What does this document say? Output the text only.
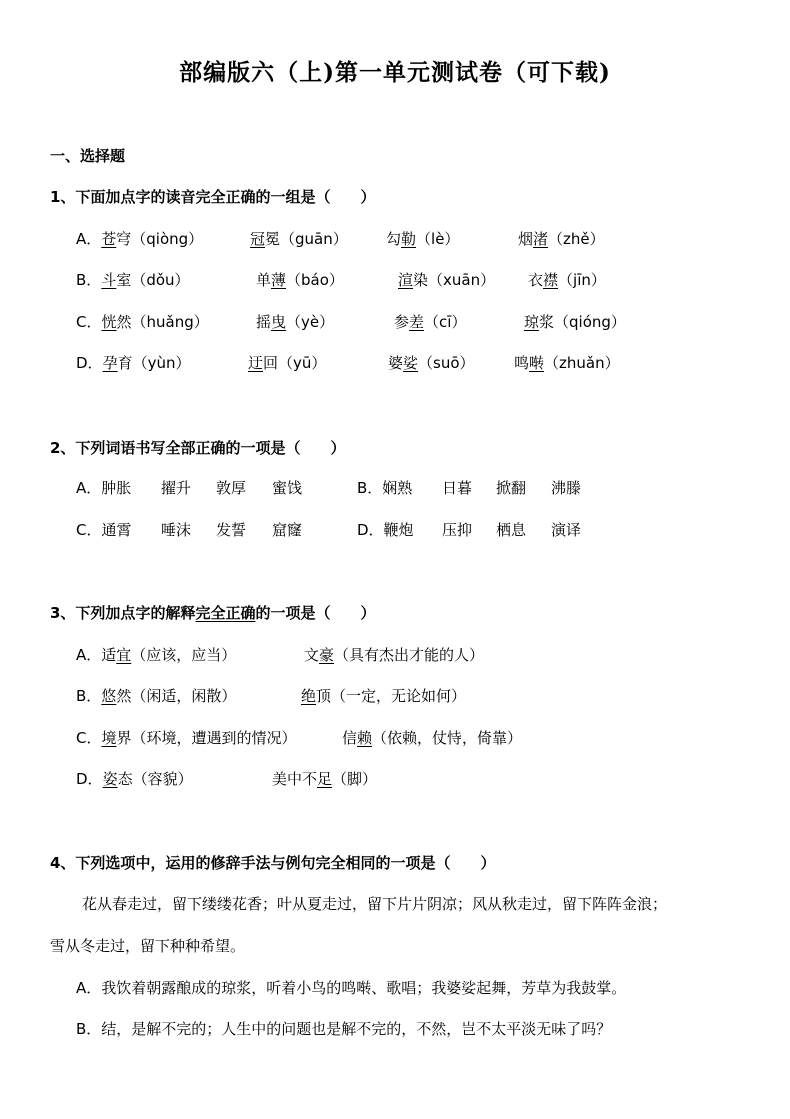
部编版六（上)第一单元测试卷（可下载)
一、选择题
1、下面加点字的读音完全正确的一组是（　　）
A．苍穹（qiòng）	冠冕（guān）	勾勒（lè）	烟渚（zhě）
B．斗室（dǒu）	单薄（báo）	渲染（xuān） 衣襟（jīn）
C．恍然（huǎng）	摇曳（yè）	参差（cī）	琼浆（qióng）
D．孕育（yùn）	迂回（yū）	婆娑（suō）	鸣啭（zhuǎn）
2、下列词语书写全部正确的一项是（　　）
A．肿胀 擢升 敦厚 蜜饯	B．娴熟 日暮 掀翻 沸滕
C．通霄 唾沫 发誓 窟窿	D．鞭炮 压抑 栖息 演译
3、下列加点字的解释完全正确的一项是（　　）
A．适宜（应该，应当）	文豪（具有杰出才能的人）
B．悠然（闲适，闲散）	绝顶（一定，无论如何）
C．境界（环境，遭遇到的情况）	信赖（依赖，仗恃，倚靠）
D．姿态（容貌）	美中不足（脚）
4、下列选项中，运用的修辞手法与例句完全相同的一项是（　　）
花从春走过，留下缕缕花香；叶从夏走过，留下片片阴凉；风从秋走过，留下阵阵金浪；
雪从冬走过，留下种种希望。
A．我饮着朝露酿成的琼浆，听着小鸟的鸣啭、歌唱；我婆娑起舞，芳草为我鼓掌。
B．结，是解不完的；人生中的问题也是解不完的，不然，岂不太平淡无味了吗？
